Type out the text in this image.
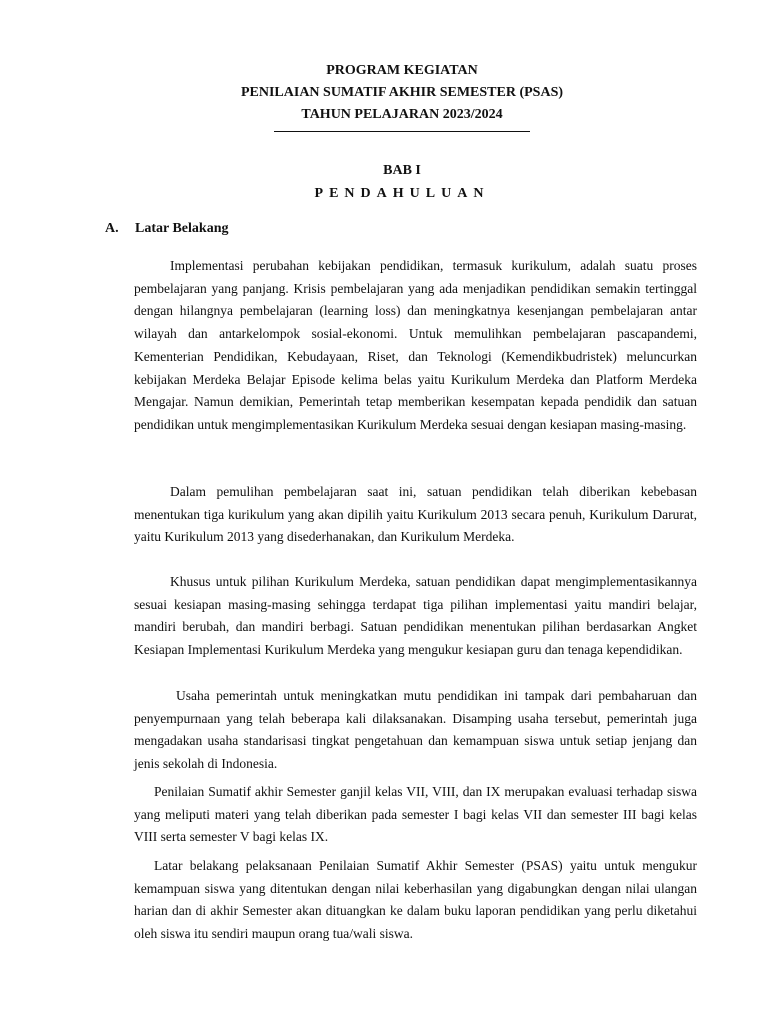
PROGRAM KEGIATAN
PENILAIAN SUMATIF AKHIR SEMESTER (PSAS)
TAHUN PELAJARAN 2023/2024
BAB I
PENDAHULUAN
A. Latar Belakang

Implementasi perubahan kebijakan pendidikan, termasuk kurikulum, adalah suatu proses pembelajaran yang panjang. Krisis pembelajaran yang ada menjadikan pendidikan semakin tertinggal dengan hilangnya pembelajaran (learning loss) dan meningkatnya kesenjangan pembelajaran antar wilayah dan antarkelompok sosial-ekonomi. Untuk memulihkan pembelajaran pascapandemi, Kementerian Pendidikan, Kebudayaan, Riset, dan Teknologi (Kemendikbudristek) meluncurkan kebijakan Merdeka Belajar Episode kelima belas yaitu Kurikulum Merdeka dan Platform Merdeka Mengajar. Namun demikian, Pemerintah tetap memberikan kesempatan kepada pendidik dan satuan pendidikan untuk mengimplementasikan Kurikulum Merdeka sesuai dengan kesiapan masing-masing.

Dalam pemulihan pembelajaran saat ini, satuan pendidikan telah diberikan kebebasan menentukan tiga kurikulum yang akan dipilih yaitu Kurikulum 2013 secara penuh, Kurikulum Darurat, yaitu Kurikulum 2013 yang disederhanakan, dan Kurikulum Merdeka.

Khusus untuk pilihan Kurikulum Merdeka, satuan pendidikan dapat mengimplementasikannya sesuai kesiapan masing-masing sehingga terdapat tiga pilihan implementasi yaitu mandiri belajar, mandiri berubah, dan mandiri berbagi. Satuan pendidikan menentukan pilihan berdasarkan Angket Kesiapan Implementasi Kurikulum Merdeka yang mengukur kesiapan guru dan tenaga kependidikan.

Usaha pemerintah untuk meningkatkan mutu pendidikan ini tampak dari pembaharuan dan penyempurnaan yang telah beberapa kali dilaksanakan. Disamping usaha tersebut, pemerintah juga mengadakan usaha standarisasi tingkat pengetahuan dan kemampuan siswa untuk setiap jenjang dan jenis sekolah di Indonesia.

Penilaian Sumatif akhir Semester ganjil kelas VII, VIII, dan IX merupakan evaluasi terhadap siswa yang meliputi materi yang telah diberikan pada semester I bagi kelas VII dan semester III bagi kelas VIII serta semester V bagi kelas IX.

Latar belakang pelaksanaan Penilaian Sumatif Akhir Semester (PSAS) yaitu untuk mengukur kemampuan siswa yang ditentukan dengan nilai keberhasilan yang digabungkan dengan nilai ulangan harian dan di akhir Semester akan dituangkan ke dalam buku laporan pendidikan yang perlu diketahui oleh siswa itu sendiri maupun orang tua/wali siswa.
